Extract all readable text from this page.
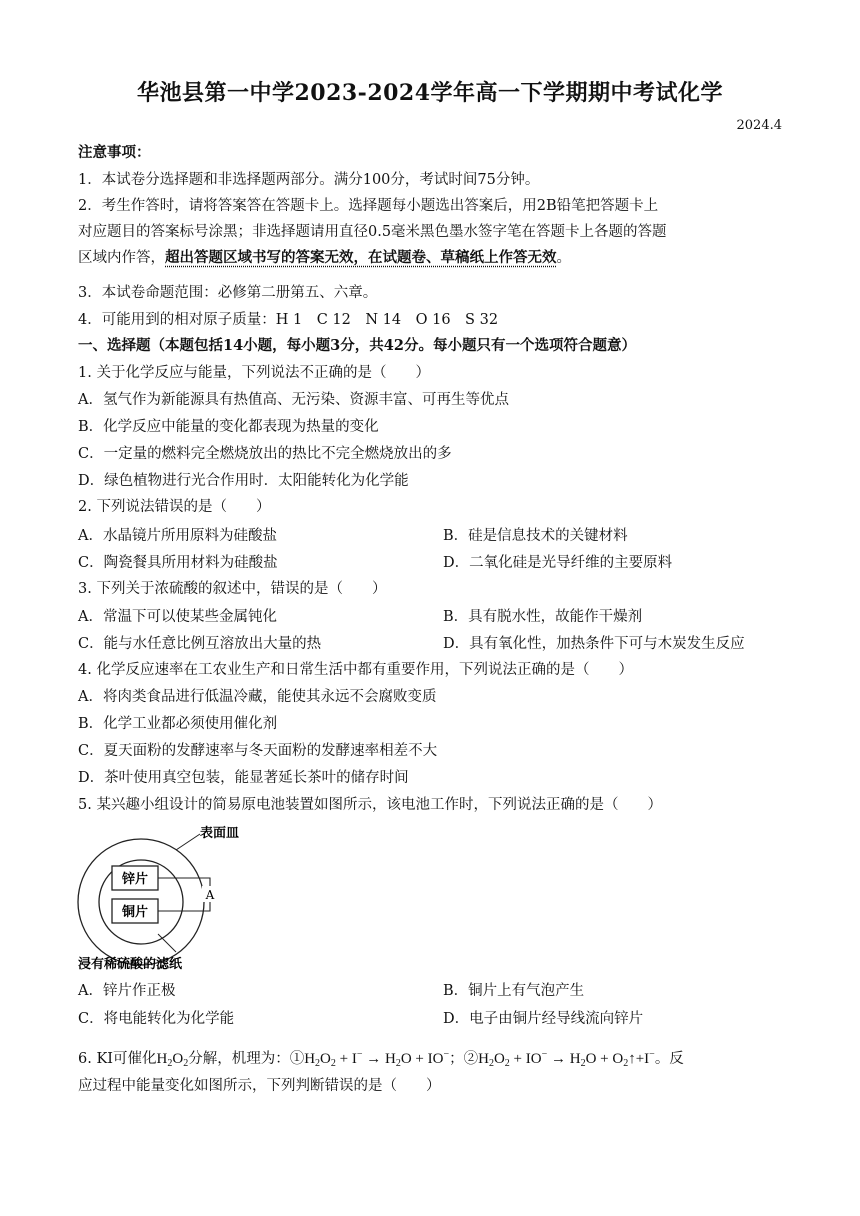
华池县第一中学2023-2024学年高一下学期期中考试化学
2024.4
注意事项：
1．本试卷分选择题和非选择题两部分。满分100分，考试时间75分钟。
2．考生作答时，请将答案答在答题卡上。选择题每小题选出答案后，用2B铅笔把答题卡上
对应题目的答案标号涂黑；非选择题请用直径0.5毫米黑色墨水签字笔在答题卡上各题的答题
区域内作答，超出答题区域书写的答案无效，在试题卷、草稿纸上作答无效。
3．本试卷命题范围：必修第二册第五、六章。
4．可能用到的相对原子质量：H 1　C 12　N 14　O 16　S 32
一、选择题（本题包括14小题，每小题3分，共42分。每小题只有一个选项符合题意）
1. 关于化学反应与能量，下列说法不正确的是（　　）
A．氢气作为新能源具有热值高、无污染、资源丰富、可再生等优点
B．化学反应中能量的变化都表现为热量的变化
C．一定量的燃料完全燃烧放出的热比不完全燃烧放出的多
D．绿色植物进行光合作用时．太阳能转化为化学能
2. 下列说法错误的是（　　）
A．水晶镜片所用原料为硅酸盐	B．硅是信息技术的关键材料
C．陶瓷餐具所用材料为硅酸盐	D．二氧化硅是光导纤维的主要原料
3. 下列关于浓硫酸的叙述中，错误的是（　　）
A．常温下可以使某些金属钝化	B．具有脱水性，故能作干燥剂
C．能与水任意比例互溶放出大量的热	D．具有氧化性，加热条件下可与木炭发生反应
4. 化学反应速率在工农业生产和日常生活中都有重要作用，下列说法正确的是（　　）
A．将肉类食品进行低温冷藏，能使其永远不会腐败变质
B．化学工业都必须使用催化剂
C．夏天面粉的发酵速率与冬天面粉的发酵速率相差不大
D．茶叶使用真空包装，能显著延长茶叶的储存时间
5. 某兴趣小组设计的简易原电池装置如图所示，该电池工作时，下列说法正确的是（　　）
表面皿
锌片
铜片
A
浸有稀硫酸的滤纸
A．锌片作正极	B．铜片上有气泡产生
C．将电能转化为化学能	D．电子由铜片经导线流向锌片
6. KI可催化$H_2O_2$分解，机理为：$①H_2O_2 + I^- \to H_2O + IO^-$；$②H_2O_2 + IO^- \to H_2O$ + $O_2↑+I^-$。反
应过程中能量变化如图所示，下列判断错误的是（　　）
